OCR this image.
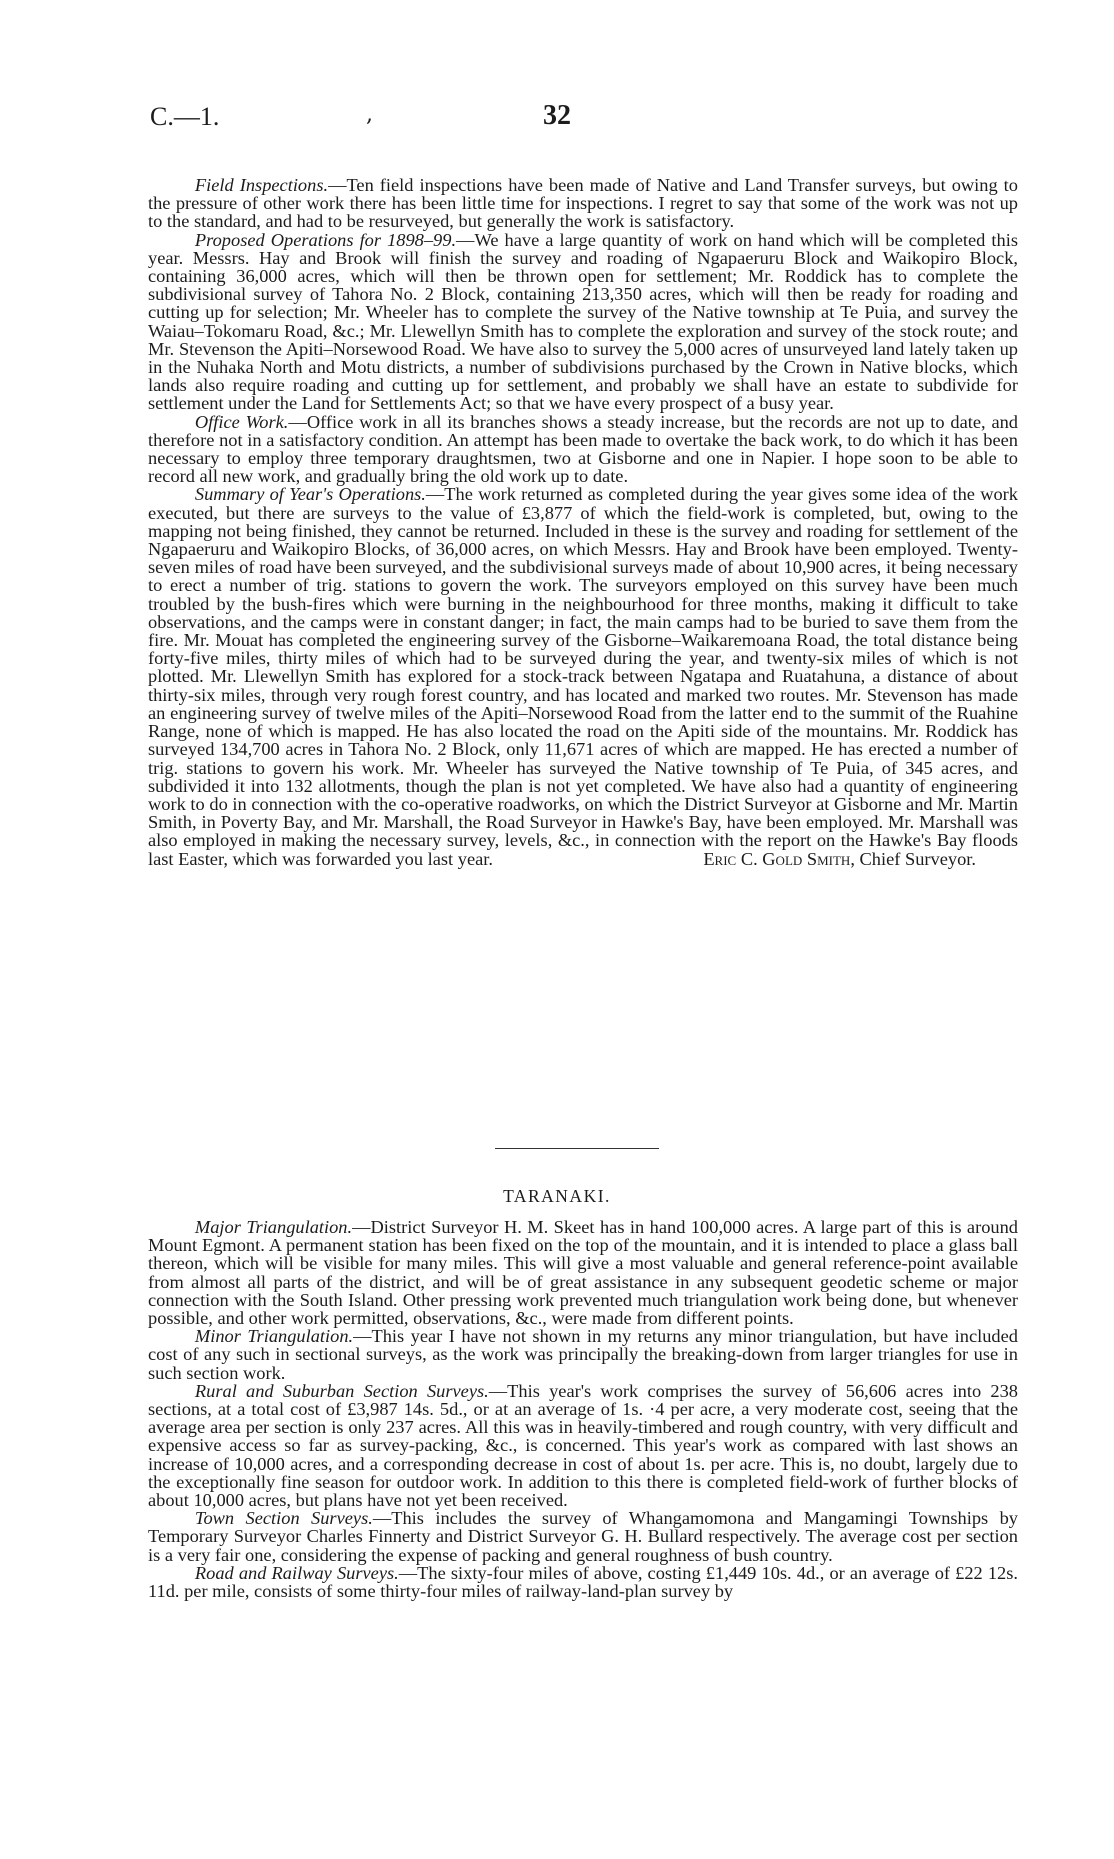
C.—1.	,	32

Field Inspections.—Ten field inspections have been made of Native and Land Transfer surveys, but owing to the pressure of other work there has been little time for inspections. I regret to say that some of the work was not up to the standard, and had to be resurveyed, but generally the work is satisfactory.

Proposed Operations for 1898–99.—We have a large quantity of work on hand which will be completed this year. Messrs. Hay and Brook will finish the survey and roading of Ngapaeruru Block and Waikopiro Block, containing 36,000 acres, which will then be thrown open for settlement; Mr. Roddick has to complete the subdivisional survey of Tahora No. 2 Block, containing 213,350 acres, which will then be ready for roading and cutting up for selection; Mr. Wheeler has to complete the survey of the Native township at Te Puia, and survey the Waiau–Tokomaru Road, &c.; Mr. Llewellyn Smith has to complete the exploration and survey of the stock route; and Mr. Stevenson the Apiti–Norsewood Road. We have also to survey the 5,000 acres of unsurveyed land lately taken up in the Nuhaka North and Motu districts, a number of subdivisions purchased by the Crown in Native blocks, which lands also require roading and cutting up for settlement, and probably we shall have an estate to subdivide for settlement under the Land for Settlements Act; so that we have every prospect of a busy year.

Office Work.—Office work in all its branches shows a steady increase, but the records are not up to date, and therefore not in a satisfactory condition. An attempt has been made to overtake the back work, to do which it has been necessary to employ three temporary draughtsmen, two at Gisborne and one in Napier. I hope soon to be able to record all new work, and gradually bring the old work up to date.

Summary of Year's Operations.—The work returned as completed during the year gives some idea of the work executed, but there are surveys to the value of £3,877 of which the field-work is completed, but, owing to the mapping not being finished, they cannot be returned. Included in these is the survey and roading for settlement of the Ngapaeruru and Waikopiro Blocks, of 36,000 acres, on which Messrs. Hay and Brook have been employed. Twenty-seven miles of road have been surveyed, and the subdivisional surveys made of about 10,900 acres, it being necessary to erect a number of trig. stations to govern the work. The surveyors employed on this survey have been much troubled by the bush-fires which were burning in the neighbourhood for three months, making it difficult to take observations, and the camps were in constant danger; in fact, the main camps had to be buried to save them from the fire. Mr. Mouat has completed the engineering survey of the Gisborne–Waikaremoana Road, the total distance being forty-five miles, thirty miles of which had to be surveyed during the year, and twenty-six miles of which is not plotted. Mr. Llewellyn Smith has explored for a stock-track between Ngatapa and Ruatahuna, a distance of about thirty-six miles, through very rough forest country, and has located and marked two routes. Mr. Stevenson has made an engineering survey of twelve miles of the Apiti–Norsewood Road from the latter end to the summit of the Ruahine Range, none of which is mapped. He has also located the road on the Apiti side of the mountains. Mr. Roddick has surveyed 134,700 acres in Tahora No. 2 Block, only 11,671 acres of which are mapped. He has erected a number of trig. stations to govern his work. Mr. Wheeler has surveyed the Native township of Te Puia, of 345 acres, and subdivided it into 132 allotments, though the plan is not yet completed. We have also had a quantity of engineering work to do in connection with the co-operative roadworks, on which the District Surveyor at Gisborne and Mr. Martin Smith, in Poverty Bay, and Mr. Marshall, the Road Surveyor in Hawke's Bay, have been employed. Mr. Marshall was also employed in making the necessary survey, levels, &c., in connection with the report on the Hawke's Bay floods last Easter, which was forwarded you last year.	Eric C. Gold Smith, Chief Surveyor.

TARANAKI.

Major Triangulation.—District Surveyor H. M. Skeet has in hand 100,000 acres. A large part of this is around Mount Egmont. A permanent station has been fixed on the top of the mountain, and it is intended to place a glass ball thereon, which will be visible for many miles. This will give a most valuable and general reference-point available from almost all parts of the district, and will be of great assistance in any subsequent geodetic scheme or major connection with the South Island. Other pressing work prevented much triangulation work being done, but whenever possible, and other work permitted, observations, &c., were made from different points.

Minor Triangulation.—This year I have not shown in my returns any minor triangulation, but have included cost of any such in sectional surveys, as the work was principally the breaking-down from larger triangles for use in such section work.

Rural and Suburban Section Surveys.—This year's work comprises the survey of 56,606 acres into 238 sections, at a total cost of £3,987 14s. 5d., or at an average of 1s. ·4 per acre, a very moderate cost, seeing that the average area per section is only 237 acres. All this was in heavily-timbered and rough country, with very difficult and expensive access so far as survey-packing, &c., is concerned. This year's work as compared with last shows an increase of 10,000 acres, and a corresponding decrease in cost of about 1s. per acre. This is, no doubt, largely due to the exceptionally fine season for outdoor work. In addition to this there is completed field-work of further blocks of about 10,000 acres, but plans have not yet been received.

Town Section Surveys.—This includes the survey of Whangamomona and Mangamingi Townships by Temporary Surveyor Charles Finnerty and District Surveyor G. H. Bullard respectively. The average cost per section is a very fair one, considering the expense of packing and general roughness of bush country.

Road and Railway Surveys.—The sixty-four miles of above, costing £1,449 10s. 4d., or an average of £22 12s. 11d. per mile, consists of some thirty-four miles of railway-land-plan survey by
